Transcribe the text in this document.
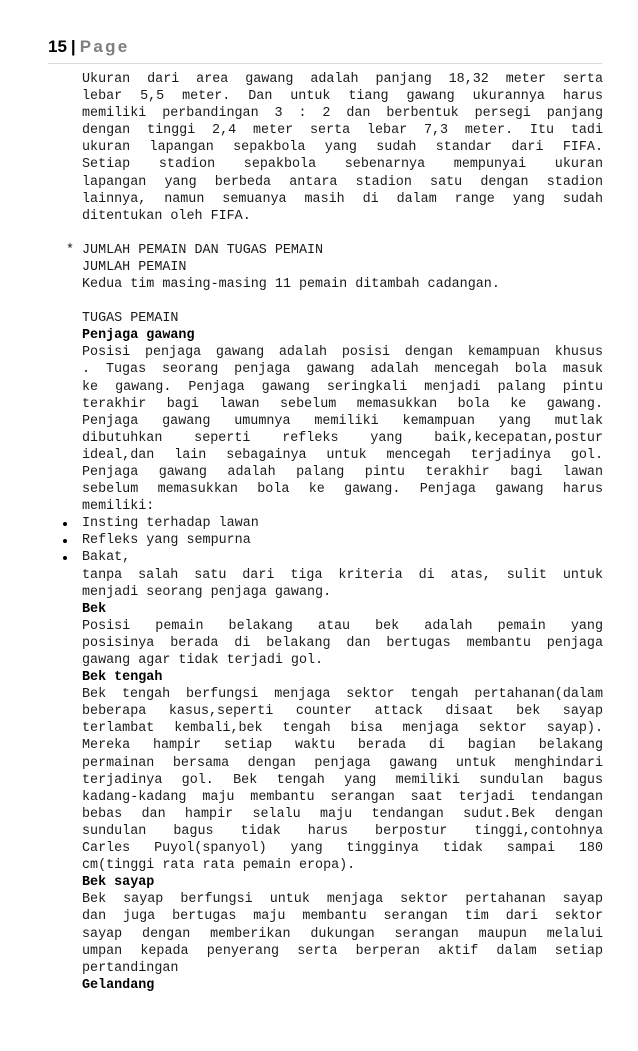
15 | Page
Ukuran dari area gawang adalah panjang 18,32 meter serta
lebar 5,5 meter. Dan untuk tiang gawang ukurannya harus
memiliki perbandingan 3 : 2 dan berbentuk persegi panjang
dengan tinggi 2,4 meter serta lebar 7,3 meter. Itu tadi
ukuran lapangan sepakbola yang sudah standar dari FIFA.
Setiap stadion sepakbola sebenarnya mempunyai ukuran
lapangan yang berbeda antara stadion satu dengan stadion
lainnya, namun semuanya masih di dalam range yang sudah
ditentukan oleh FIFA.
* JUMLAH PEMAIN DAN TUGAS PEMAIN
JUMLAH PEMAIN
Kedua tim masing-masing 11 pemain ditambah cadangan.
TUGAS PEMAIN
Penjaga gawang
Posisi penjaga gawang adalah posisi dengan kemampuan khusus
. Tugas seorang penjaga gawang adalah mencegah bola masuk
ke gawang. Penjaga gawang seringkali menjadi palang pintu
terakhir bagi lawan sebelum memasukkan bola ke gawang.
Penjaga gawang umumnya memiliki kemampuan yang mutlak
dibutuhkan seperti refleks yang baik,kecepatan,postur
ideal,dan lain sebagainya untuk mencegah terjadinya gol.
Penjaga gawang adalah palang pintu terakhir bagi lawan
sebelum memasukkan bola ke gawang. Penjaga gawang harus
memiliki:
Insting terhadap lawan
Refleks yang sempurna
Bakat,
tanpa salah satu dari tiga kriteria di atas, sulit untuk
menjadi seorang penjaga gawang.
Bek
Posisi pemain belakang atau bek adalah pemain yang
posisinya berada di belakang dan bertugas membantu penjaga
gawang agar tidak terjadi gol.
Bek tengah
Bek tengah berfungsi menjaga sektor tengah pertahanan(dalam
beberapa kasus,seperti counter attack disaat bek sayap
terlambat kembali,bek tengah bisa menjaga sektor sayap).
Mereka hampir setiap waktu berada di bagian belakang
permainan bersama dengan penjaga gawang untuk menghindari
terjadinya gol. Bek tengah yang memiliki sundulan bagus
kadang-kadang maju membantu serangan saat terjadi tendangan
bebas dan hampir selalu maju tendangan sudut.Bek dengan
sundulan bagus tidak harus berpostur tinggi,contohnya
Carles Puyol(spanyol) yang tingginya tidak sampai 180
cm(tinggi rata rata pemain eropa).
Bek sayap
Bek sayap berfungsi untuk menjaga sektor pertahanan sayap
dan juga bertugas maju membantu serangan tim dari sektor
sayap dengan memberikan dukungan serangan maupun melalui
umpan kepada penyerang serta berperan aktif dalam setiap
pertandingan
Gelandang
